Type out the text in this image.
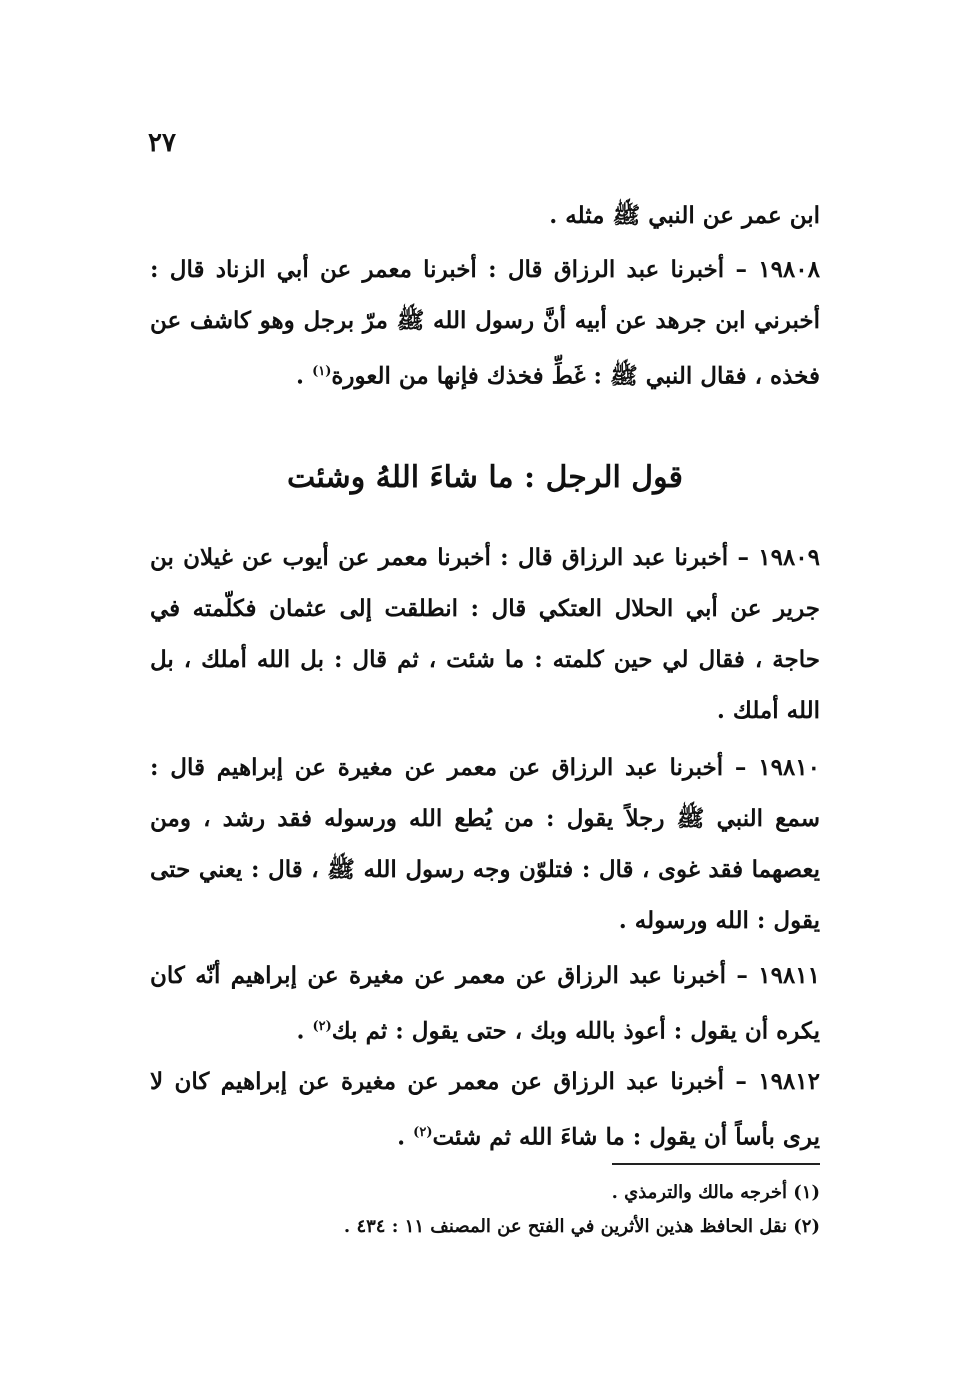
٢٧
ابن عمر عن النبي ﷺ مثله .
١٩٨٠٨ – أخبرنا عبد الرزاق قال : أخبرنا معمر عن أبي الزناد قال : أخبرني ابن جرهد عن أبيه أنَّ رسول الله ﷺ مرّ برجل وهو كاشف عن فخذه ، فقال النبي ﷺ : غَطِّ فخذك فإنها من العورة$^{(١)}$ .
قول الرجل : ما شاءَ اللهُ وشئت
١٩٨٠٩ – أخبرنا عبد الرزاق قال : أخبرنا معمر عن أيوب عن غيلان بن جرير عن أبي الحلال العتكي قال : انطلقت إلى عثمان فكلّمته في حاجة ، فقال لي حين كلمته : ما شئت ، ثم قال : بل الله أملك ، بل الله أملك .
١٩٨١٠ – أخبرنا عبد الرزاق عن معمر عن مغيرة عن إبراهيم قال : سمع النبي ﷺ رجلاً يقول : من يُطع الله ورسوله فقد رشد ، ومن يعصهما فقد غوى ، قال : فتلوّن وجه رسول الله ﷺ ، قال : يعني حتى يقول : الله ورسوله .
١٩٨١١ – أخبرنا عبد الرزاق عن معمر عن مغيرة عن إبراهيم أنّه كان يكره أن يقول : أعوذ بالله وبك ، حتى يقول : ثم بك$^{(٢)}$ .
١٩٨١٢ – أخبرنا عبد الرزاق عن معمر عن مغيرة عن إبراهيم كان لا يرى بأساً أن يقول : ما شاءَ الله ثم شئت$^{(٢)}$ .
(١) أخرجه مالك والترمذي .
(٢) نقل الحافظ هذين الأثرين في الفتح عن المصنف ١١ : ٤٣٤ .
